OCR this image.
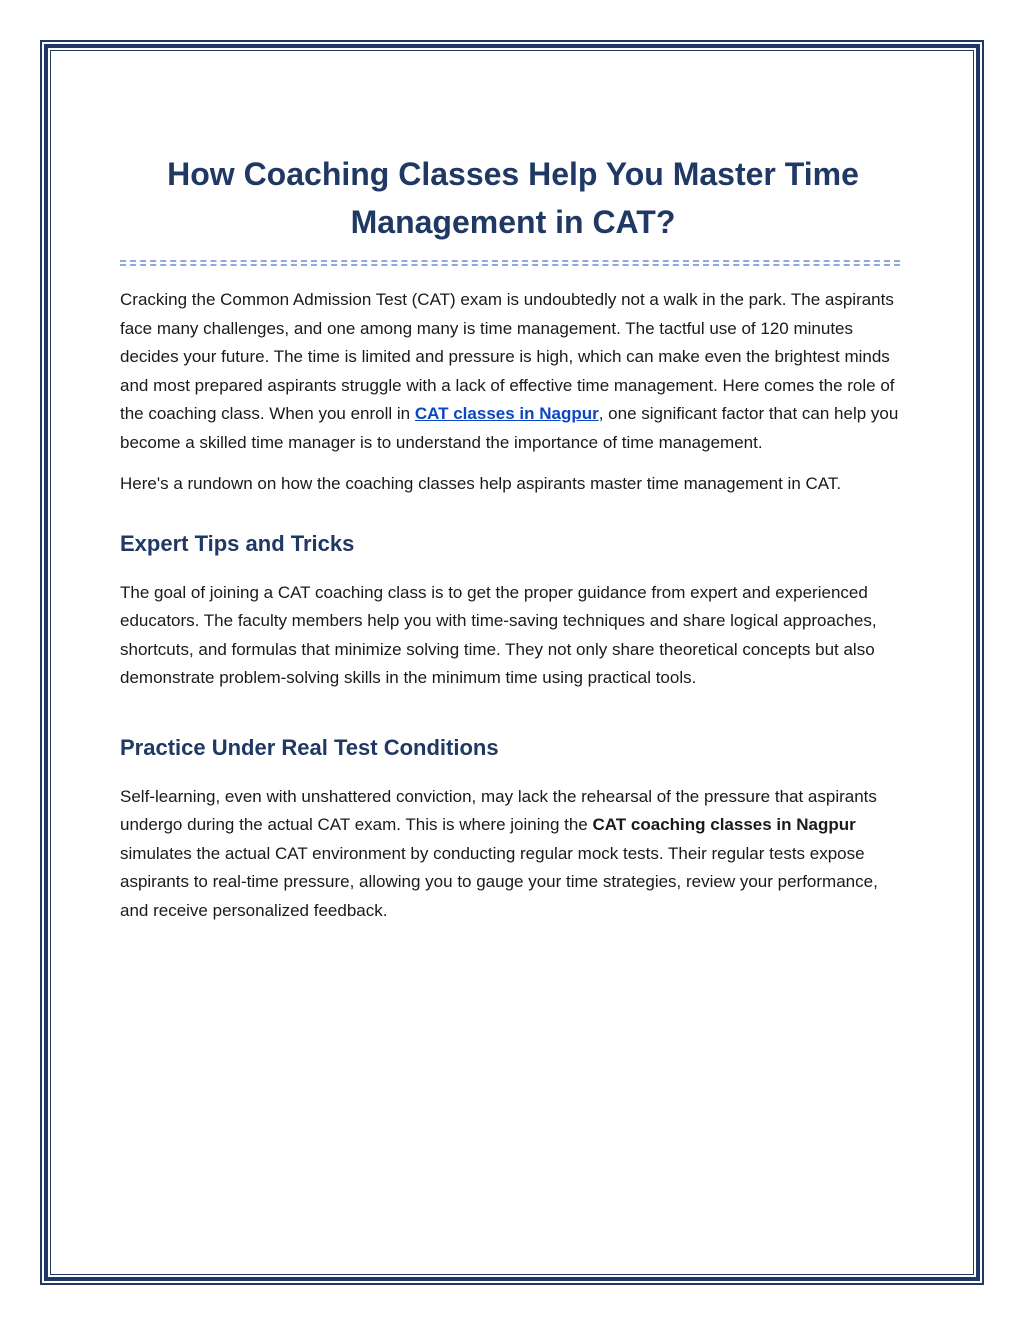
How Coaching Classes Help You Master Time Management in CAT?

Cracking the Common Admission Test (CAT) exam is undoubtedly not a walk in the park. The aspirants face many challenges, and one among many is time management. The tactful use of 120 minutes decides your future. The time is limited and pressure is high, which can make even the brightest minds and most prepared aspirants struggle with a lack of effective time management. Here comes the role of the coaching class. When you enroll in CAT classes in Nagpur, one significant factor that can help you become a skilled time manager is to understand the importance of time management.

Here's a rundown on how the coaching classes help aspirants master time management in CAT.

Expert Tips and Tricks

The goal of joining a CAT coaching class is to get the proper guidance from expert and experienced educators. The faculty members help you with time-saving techniques and share logical approaches, shortcuts, and formulas that minimize solving time. They not only share theoretical concepts but also demonstrate problem-solving skills in the minimum time using practical tools.

Practice Under Real Test Conditions

Self-learning, even with unshattered conviction, may lack the rehearsal of the pressure that aspirants undergo during the actual CAT exam. This is where joining the CAT coaching classes in Nagpur simulates the actual CAT environment by conducting regular mock tests. Their regular tests expose aspirants to real-time pressure, allowing you to gauge your time strategies, review your performance, and receive personalized feedback.
